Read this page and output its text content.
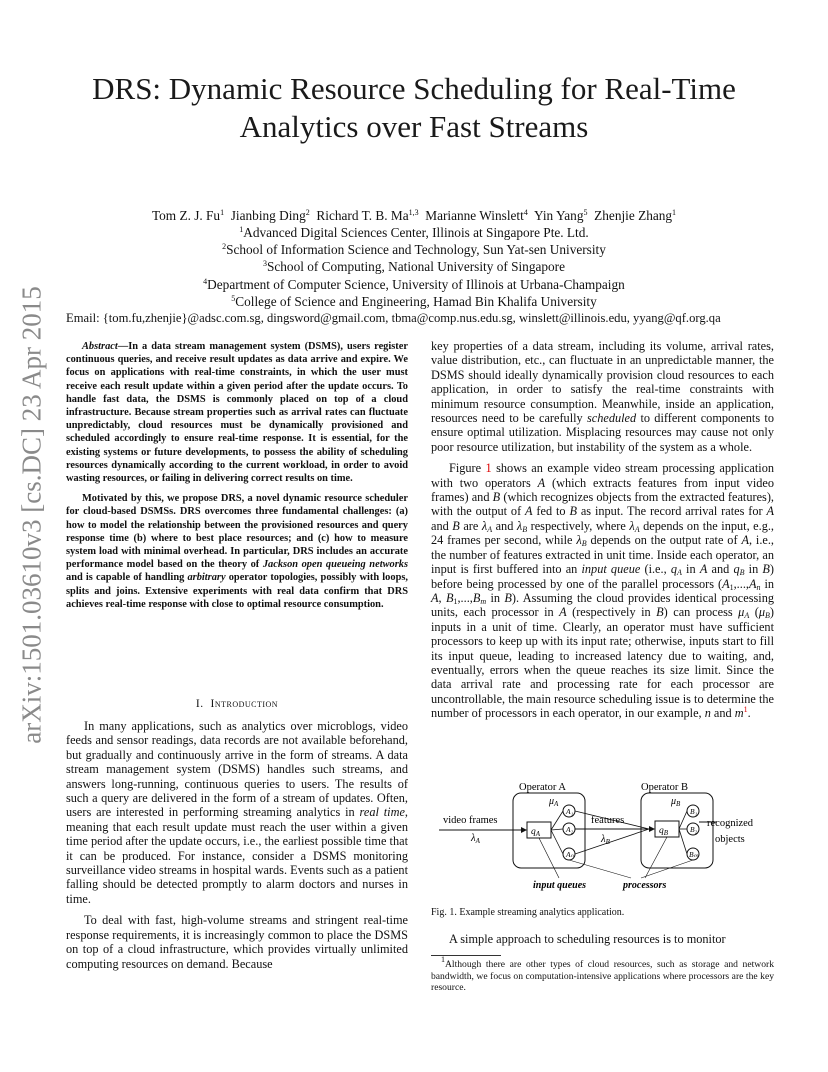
DRS: Dynamic Resource Scheduling for Real-Time
Analytics over Fast Streams
arXiv:1501.03610v3 [cs.DC] 23 Apr 2015
Tom Z. J. Fu$^1$ Jianbing Ding$^2$ Richard T. B. Ma$^{1,3}$ Marianne Winslett$^4$ Yin Yang$^5$ Zhenjie Zhang$^1$
$^1$Advanced Digital Sciences Center, Illinois at Singapore Pte. Ltd.
$^2$School of Information Science and Technology, Sun Yat-sen University
$^3$School of Computing, National University of Singapore
$^4$Department of Computer Science, University of Illinois at Urbana-Champaign
$^5$College of Science and Engineering, Hamad Bin Khalifa University
Email: {tom.fu,zhenjie}@adsc.com.sg, dingsword@gmail.com, tbma@comp.nus.edu.sg, winslett@illinois.edu, yyang@qf.org.qa

Abstract—In a data stream management system (DSMS), users register continuous queries, and receive result updates as data arrive and expire. We focus on applications with real-time constraints, in which the user must receive each result update within a given period after the update occurs. To handle fast data, the DSMS is commonly placed on top of a cloud infrastructure. Because stream properties such as arrival rates can fluctuate unpredictably, cloud resources must be dynamically provisioned and scheduled accordingly to ensure real-time response. It is essential, for the existing systems or future developments, to possess the ability of scheduling resources dynamically according to the current workload, in order to avoid wasting resources, or failing in delivering correct results on time.

Motivated by this, we propose DRS, a novel dynamic resource scheduler for cloud-based DSMSs. DRS overcomes three fundamental challenges: (a) how to model the relationship between the provisioned resources and query response time (b) where to best place resources; and (c) how to measure system load with minimal overhead. In particular, DRS includes an accurate performance model based on the theory of Jackson open queueing networks and is capable of handling arbitrary operator topologies, possibly with loops, splits and joins. Extensive experiments with real data confirm that DRS achieves real-time response with close to optimal resource consumption.

I. Introduction

In many applications, such as analytics over microblogs, video feeds and sensor readings, data records are not available beforehand, but gradually and continuously arrive in the form of streams. A data stream management system (DSMS) handles such streams, and answers long-running, continuous queries to users. The results of such a query are delivered in the form of a stream of updates. Often, users are interested in performing streaming analytics in real time, meaning that each result update must reach the user within a given time period after the update occurs, i.e., the earliest possible time that it can be produced. For instance, consider a DSMS monitoring surveillance video streams in hospital wards. Events such as a patient falling should be detected promptly to alarm doctors and nurses in time.

To deal with fast, high-volume streams and stringent real-time response requirements, it is increasingly common to place the DSMS on top of a cloud infrastructure, which provides virtually unlimited computing resources on demand. Because

key properties of a data stream, including its volume, arrival rates, value distribution, etc., can fluctuate in an unpredictable manner, the DSMS should ideally dynamically provision cloud resources to each application, in order to satisfy the real-time constraints with minimum resource consumption. Meanwhile, inside an application, resources need to be carefully scheduled to different components to ensure optimal utilization. Misplacing resources may cause not only poor resource utilization, but instability of the system as a whole.

Figure 1 shows an example video stream processing application with two operators A (which extracts features from input video frames) and B (which recognizes objects from the extracted features), with the output of A fed to B as input. The record arrival rates for A and B are $\lambda_A$ and $\lambda_B$ respectively, where $\lambda_A$ depends on the input, e.g., 24 frames per second, while $\lambda_B$ depends on the output rate of A, i.e., the number of features extracted in unit time. Inside each operator, an input is first buffered into an input queue (i.e., $q_A$ in A and $q_B$ in B) before being processed by one of the parallel processors ($A_1,...,A_n$ in A, $B_1,...,B_m$ in B). Assuming the cloud provides identical processing units, each processor in A (respectively in B) can process $\mu_A$ $(\mu_B)$ inputs in a unit of time. Clearly, an operator must have sufficient processors to keep up with its input rate; otherwise, inputs start to fill its input queue, leading to increased latency due to waiting, and, eventually, errors when the queue reaches its size limit. Since the data arrival rate and processing rate for each processor are uncontrollable, the main resource scheduling issue is to determine the number of processors in each operator, in our example, n and $m^1$.

Operator A	Operator B
$\mu_A$	$\mu_B$
video frames
λA
$q_A$
A₁
A₂
Aₙ
features
λB
$q_B$
B₁
B₂
Bₘ
recognized
objects
input queues	processors
Fig. 1. Example streaming analytics application.
A simple approach to scheduling resources is to monitor
$^1$Although there are other types of cloud resources, such as storage and network bandwidth, we focus on computation-intensive applications where processors are the key resource.
